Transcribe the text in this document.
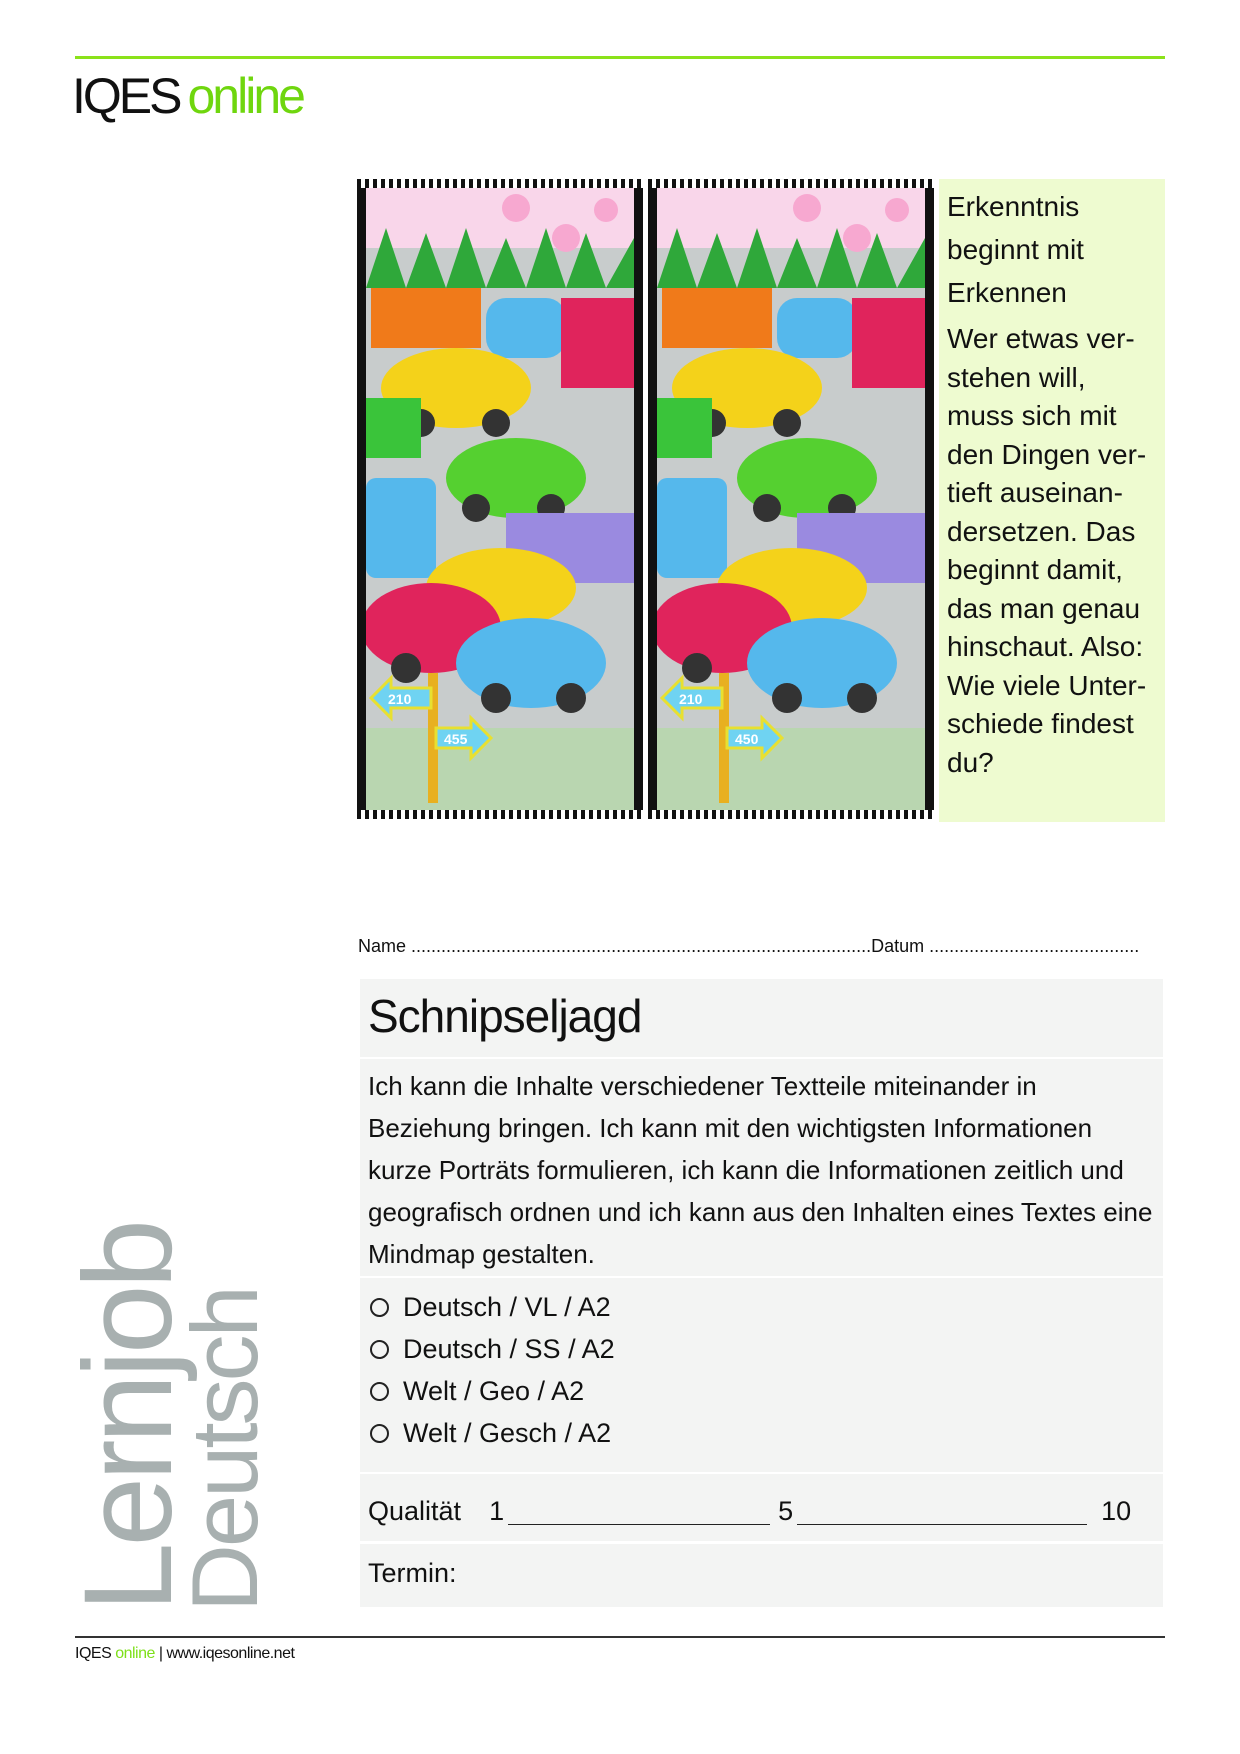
IQES online
210
455
210
450
Erkenntnis
beginnt mit
Erkennen
Wer etwas ver-
stehen will,
muss sich mit
den Dingen ver-
tieft auseinan-
dersetzen. Das
beginnt damit,
das man genau
hinschaut. Also:
Wie viele Unter-
schiede findest
du?
Name ............................................................................................Datum ..........................................
Schnipseljagd
Ich kann die Inhalte verschiedener Textteile miteinander in Beziehung bringen. Ich kann mit den wichtigsten Informationen kurze Porträts formulieren, ich kann die Informationen zeitlich und geografisch ordnen und ich kann aus den Inhalten eines Textes eine Mindmap gestalten.
Deutsch / VL / A2
Deutsch / SS / A2
Welt / Geo / A2
Welt / Gesch / A2
Qualität 1	5	10
Termin:
Lernjob
Deutsch
IQES online | www.iqesonline.net
